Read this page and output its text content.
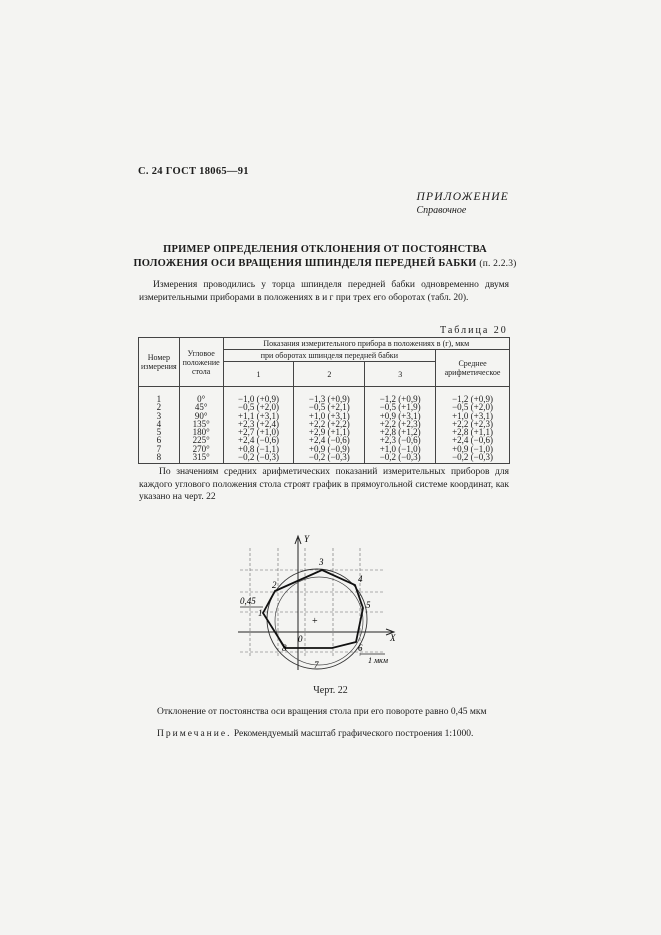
С. 24 ГОСТ 18065—91
ПРИЛОЖЕНИЕ
Справочное
ПРИМЕР ОПРЕДЕЛЕНИЯ ОТКЛОНЕНИЯ ОТ ПОСТОЯНСТВА
ПОЛОЖЕНИЯ ОСИ ВРАЩЕНИЯ ШПИНДЕЛЯ ПЕРЕДНЕЙ БАБКИ (п. 2.2.3)
Измерения проводились у торца шпинделя передней бабки одновременно двумя измерительными приборами в положениях в и г при трех его оборотах (табл. 20).
Таблица 20
Номер измерения	Угловое положение стола	Показания измерительного прибора в положениях в (г), мкм			
		при оборотах шпинделя передней бабки			Среднее арифметическое
		1	2	3	
1	0°	−1,0 (+0,9)	−1,3 (+0,9)	−1,2 (+0,9)	−1,2 (+0,9)
2	45°	−0,5 (+2,0)	−0,5 (+2,1)	−0,5 (+1,9)	−0,5 (+2,0)
3	90°	+1,1 (+3,1)	+1,0 (+3,1)	+0,9 (+3,1)	+1,0 (+3,1)
4	135°	+2,3 (+2,4)	+2,2 (+2,2)	+2,2 (+2,3)	+2,2 (+2,3)
5	180°	+2,7 (+1,0)	+2,9 (+1,1)	+2,8 (+1,2)	+2,8 (+1,1)
6	225°	+2,4 (−0,6)	+2,4 (−0,6)	+2,3 (−0,6)	+2,4 (−0,6)
7	270°	+0,8 (−1,1)	+0,9 (−0,9)	+1,0 (−1,0)	+0,9 (−1,0)
8	315°	−0,2 (−0,3)	−0,2 (−0,3)	−0,2 (−0,3)	−0,2 (−0,3)
По значениям средних арифметических показаний измерительных приборов для каждого углового положения стола строят график в прямоугольной системе координат, как указано на черт. 22
1
2
3
4
5
6
7
8
Y
X
0
0,45
1 мкм
+
Черт. 22
Отклонение от постоянства оси вращения стола при его повороте равно 0,45 мкм
Примечание. Рекомендуемый масштаб графического построения 1:1000.
